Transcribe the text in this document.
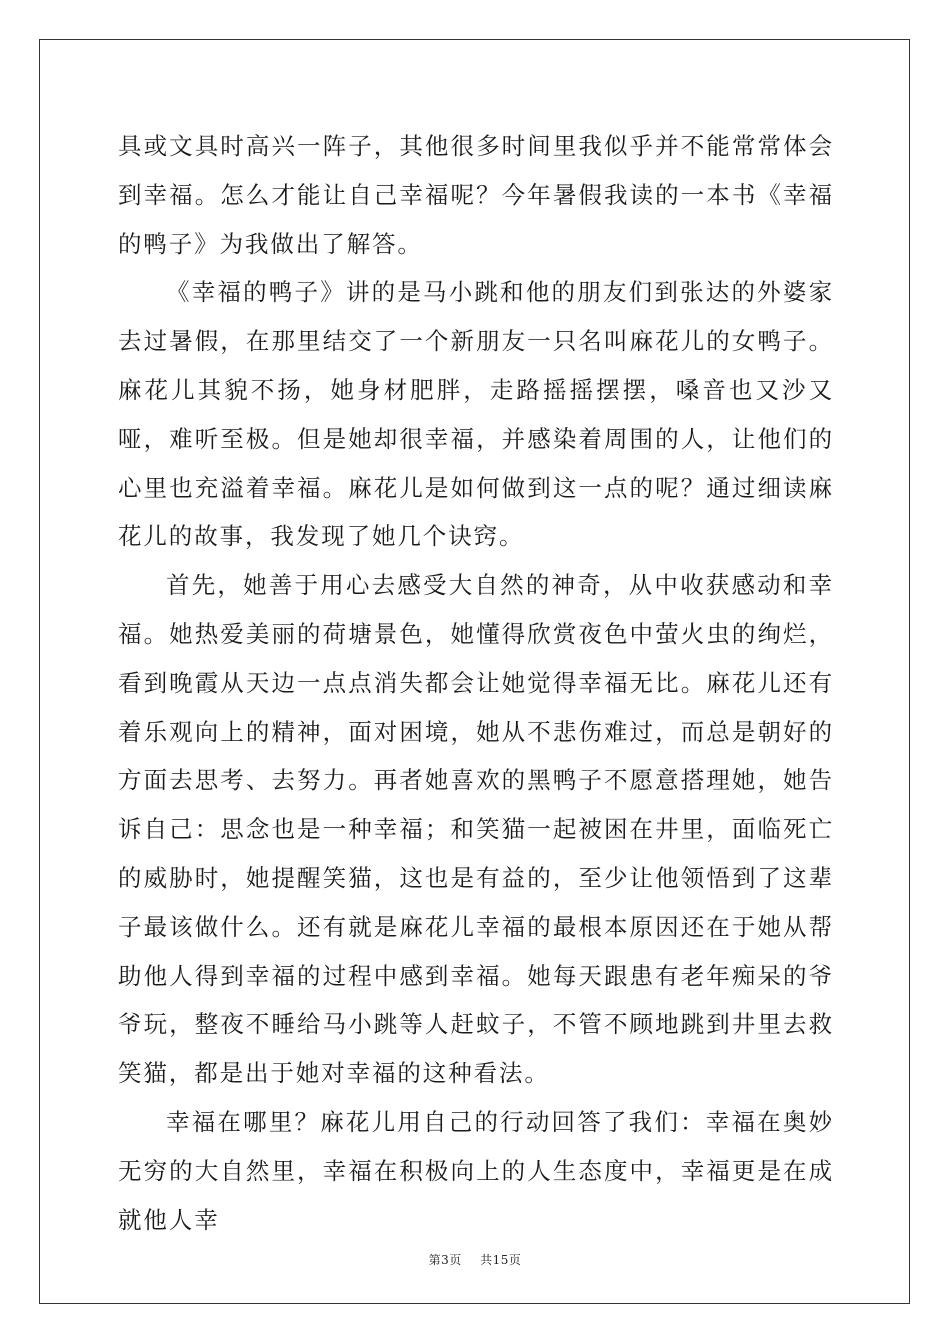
具或文具时高兴一阵子，其他很多时间里我似乎并不能常常体会到幸福。怎么才能让自己幸福呢？今年暑假我读的一本书《幸福的鸭子》为我做出了解答。

《幸福的鸭子》讲的是马小跳和他的朋友们到张达的外婆家去过暑假，在那里结交了一个新朋友一只名叫麻花儿的女鸭子。麻花儿其貌不扬，她身材肥胖，走路摇摇摆摆，嗓音也又沙又哑，难听至极。但是她却很幸福，并感染着周围的人，让他们的心里也充溢着幸福。麻花儿是如何做到这一点的呢？通过细读麻花儿的故事，我发现了她几个诀窍。

首先，她善于用心去感受大自然的神奇，从中收获感动和幸福。她热爱美丽的荷塘景色，她懂得欣赏夜色中萤火虫的绚烂，看到晚霞从天边一点点消失都会让她觉得幸福无比。麻花儿还有着乐观向上的精神，面对困境，她从不悲伤难过，而总是朝好的方面去思考、去努力。再者她喜欢的黑鸭子不愿意搭理她，她告诉自己：思念也是一种幸福；和笑猫一起被困在井里，面临死亡的威胁时，她提醒笑猫，这也是有益的，至少让他领悟到了这辈子最该做什么。还有就是麻花儿幸福的最根本原因还在于她从帮助他人得到幸福的过程中感到幸福。她每天跟患有老年痴呆的爷爷玩，整夜不睡给马小跳等人赶蚊子，不管不顾地跳到井里去救笑猫，都是出于她对幸福的这种看法。

幸福在哪里？麻花儿用自己的行动回答了我们：幸福在奥妙无穷的大自然里，幸福在积极向上的人生态度中，幸福更是在成就他人幸

第3页 共15页
